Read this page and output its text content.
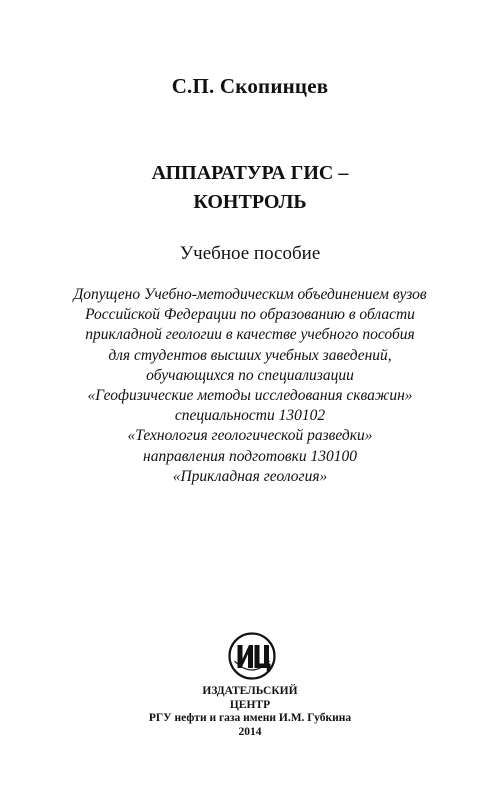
С.П. Скопинцев
АППАРАТУРА ГИС –
КОНТРОЛЬ
Учебное пособие
Допущено Учебно-методическим объединением вузов
Российской Федерации по образованию в области
прикладной геологии в качестве учебного пособия
для студентов высших учебных заведений,
обучающихся по специализации
«Геофизические методы исследования скважин»
специальности 130102
«Технология геологической разведки»
направления подготовки 130100
«Прикладная геология»
ИЗДАТЕЛЬСКИЙ
ЦЕНТР
РГУ нефти и газа имени И.М. Губкина
2014
